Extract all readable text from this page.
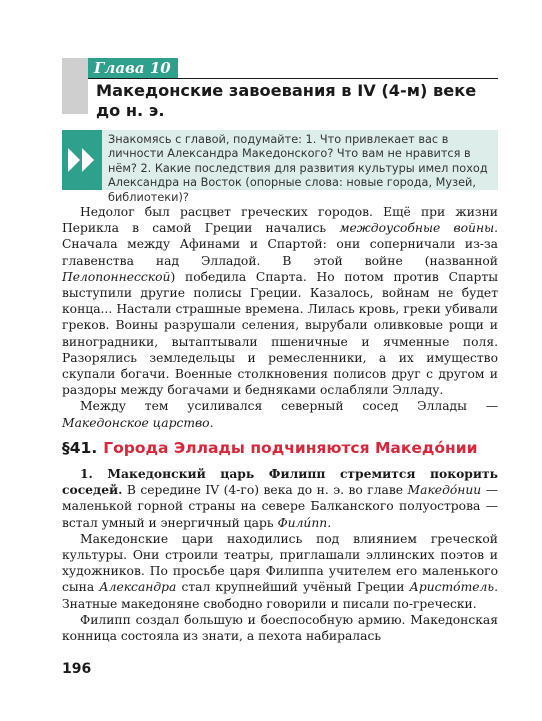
Глава 10
Македонские завоевания в IV (4-м) веке до н. э.
Знакомясь с главой, подумайте: 1. Что привлекает вас в личности Александра Македонского? Что вам не нравится в нём? 2. Какие последствия для развития культуры имел поход Александра на Восток (опорные слова: новые города, Музей, библиотеки)?

Недолог был расцвет греческих городов. Ещё при жизни Перикла в самой Греции начались междоусобные войны. Сначала между Афинами и Спартой: они соперничали из-за главенства над Элладой. В этой войне (названной Пелопоннесской) победила Спарта. Но потом против Спарты выступили другие полисы Греции. Казалось, войнам не будет конца... Настали страшные времена. Лилась кровь, греки убивали греков. Воины разрушали селения, вырубали оливковые рощи и виноградники, вытаптывали пшеничные и ячменные поля. Разорялись земледельцы и ремесленники, а их имущество скупали богачи. Военные столкновения полисов друг с другом и раздоры между богачами и бедняками ослабляли Элладу.

Между тем усиливался северный сосед Эллады — Македонское царство.

§41. Города Эллады подчиняются Македо́нии

1. Македонский царь Филипп стремится покорить соседей. В середине IV (4-го) века до н. э. во главе Македо́нии — маленькой горной страны на севере Балканского полуострова — встал умный и энергичный царь Фили́пп.

Македонские цари находились под влиянием греческой культуры. Они строили театры, приглашали эллинских поэтов и художников. По просьбе царя Филиппа учителем его маленького сына Александра стал крупнейший учёный Греции Аристо́тель. Знатные македоняне свободно говорили и писали по-гречески.

Филипп создал большую и боеспособную армию. Македонская конница состояла из знати, а пехота набиралась

196
